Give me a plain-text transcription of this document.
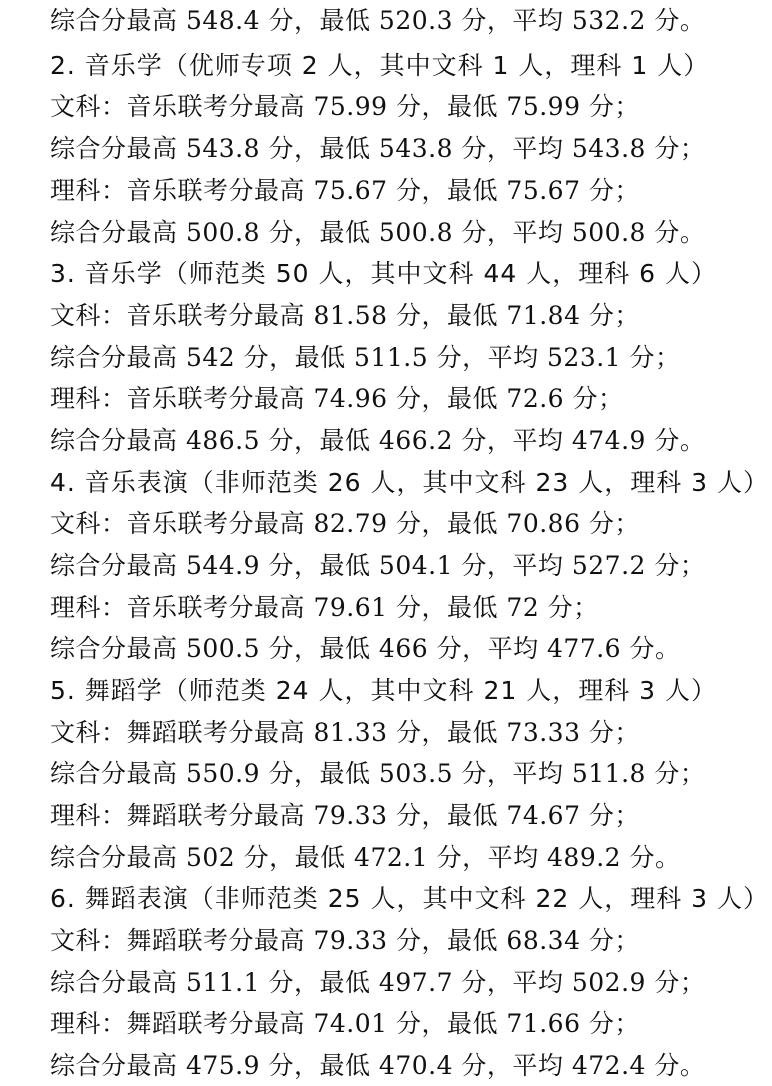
综合分最高 548.4 分，最低 520.3 分，平均 532.2 分。
2. 音乐学（优师专项 2 人，其中文科 1 人，理科 1 人）
文科：音乐联考分最高 75.99 分，最低 75.99 分；
综合分最高 543.8 分，最低 543.8 分，平均 543.8 分；
理科：音乐联考分最高 75.67 分，最低 75.67 分；
综合分最高 500.8 分，最低 500.8 分，平均 500.8 分。
3. 音乐学（师范类 50 人，其中文科 44 人，理科 6 人）
文科：音乐联考分最高 81.58 分，最低 71.84 分；
综合分最高 542 分，最低 511.5 分，平均 523.1 分；
理科：音乐联考分最高 74.96 分，最低 72.6 分；
综合分最高 486.5 分，最低 466.2 分，平均 474.9 分。
4. 音乐表演（非师范类 26 人，其中文科 23 人，理科 3 人）
文科：音乐联考分最高 82.79 分，最低 70.86 分；
综合分最高 544.9 分，最低 504.1 分，平均 527.2 分；
理科：音乐联考分最高 79.61 分，最低 72 分；
综合分最高 500.5 分，最低 466 分，平均 477.6 分。
5. 舞蹈学（师范类 24 人，其中文科 21 人，理科 3 人）
文科：舞蹈联考分最高 81.33 分，最低 73.33 分；
综合分最高 550.9 分，最低 503.5 分，平均 511.8 分；
理科：舞蹈联考分最高 79.33 分，最低 74.67 分；
综合分最高 502 分，最低 472.1 分，平均 489.2 分。
6. 舞蹈表演（非师范类 25 人，其中文科 22 人，理科 3 人）
文科：舞蹈联考分最高 79.33 分，最低 68.34 分；
综合分最高 511.1 分，最低 497.7 分，平均 502.9 分；
理科：舞蹈联考分最高 74.01 分，最低 71.66 分；
综合分最高 475.9 分，最低 470.4 分，平均 472.4 分。
